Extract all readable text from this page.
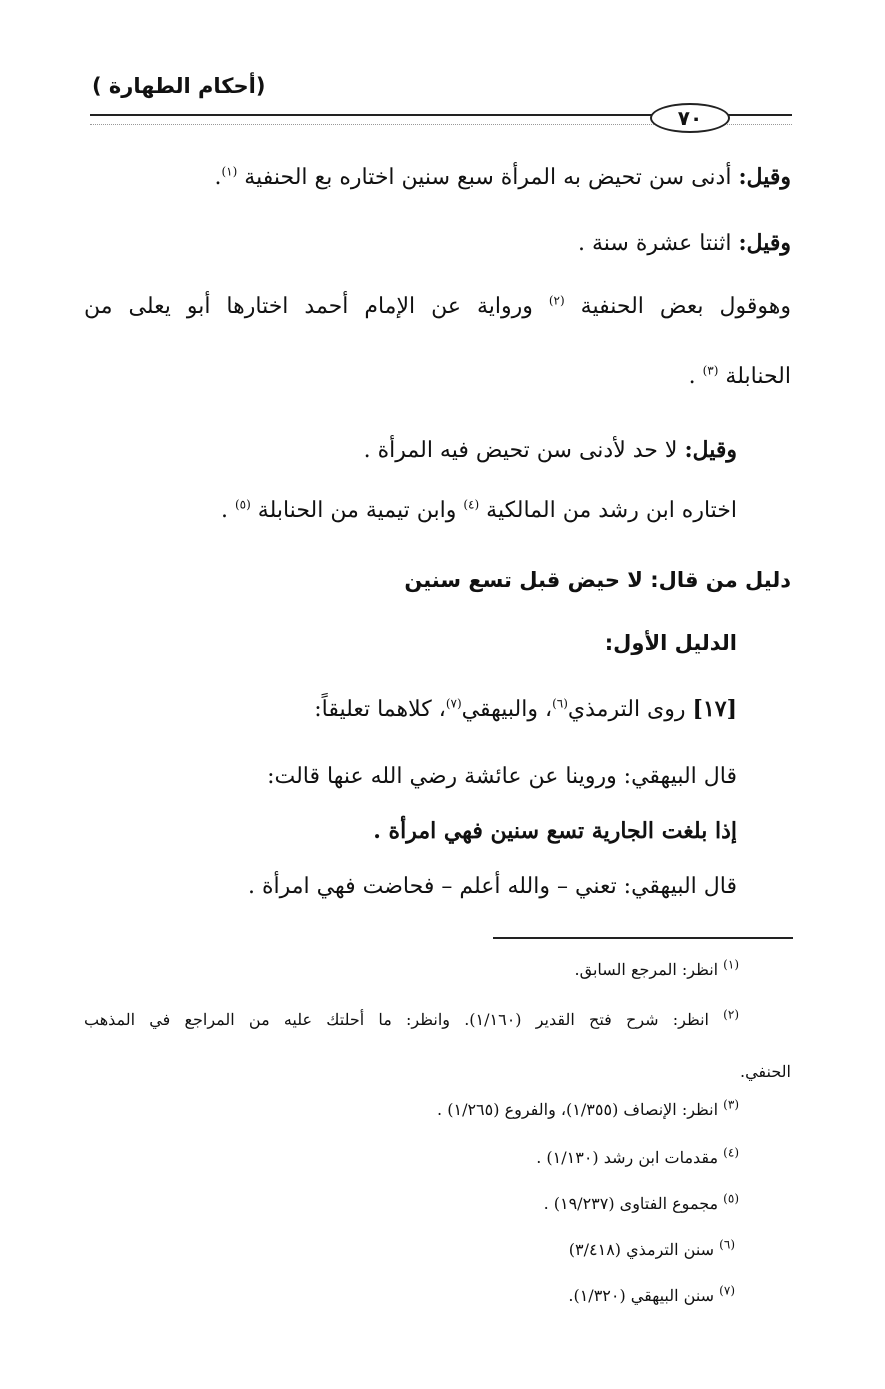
(أحكام الطهارة )
٧٠
وقيل: أدنى سن تحيض به المرأة سبع سنين اختاره بع الحنفية $^{(١)}$.
وقيل: اثنتا عشرة سنة .
وهوقول بعض الحنفية $^{(٢)}$ ورواية عن الإمام أحمد اختارها أبو يعلى من
الحنابلة $^{(٣)}$ .
وقيل: لا حد لأدنى سن تحيض فيه المرأة .
اختاره ابن رشد من المالكية $^{(٤)}$ وابن تيمية من الحنابلة $^{(٥)}$ .
دليل من قال: لا حيض قبل تسع سنين
الدليل الأول:
[١٧] روى الترمذي$^{(٦)}$، والبيهقي$^{(٧)}$، كلاهما تعليقاً:
قال البيهقي: وروينا عن عائشة رضي الله عنها قالت:
إذا بلغت الجارية تسع سنين فهي امرأة .
قال البيهقي: تعني – والله أعلم – فحاضت فهي امرأة .
$^{(١)}$ انظر: المرجع السابق.
$^{(٢)}$ انظر: شرح فتح القدير (١/١٦٠). وانظر: ما أحلتك عليه من المراجع في المذهب
الحنفي.
$^{(٣)}$ انظر: الإنصاف (١/٣٥٥)، والفروع (١/٢٦٥) .
$^{(٤)}$ مقدمات ابن رشد (١/١٣٠) .
$^{(٥)}$ مجموع الفتاوى (١٩/٢٣٧) .
$^{(٦)}$ سنن الترمذي (٣/٤١٨)
$^{(٧)}$ سنن البيهقي (١/٣٢٠).
